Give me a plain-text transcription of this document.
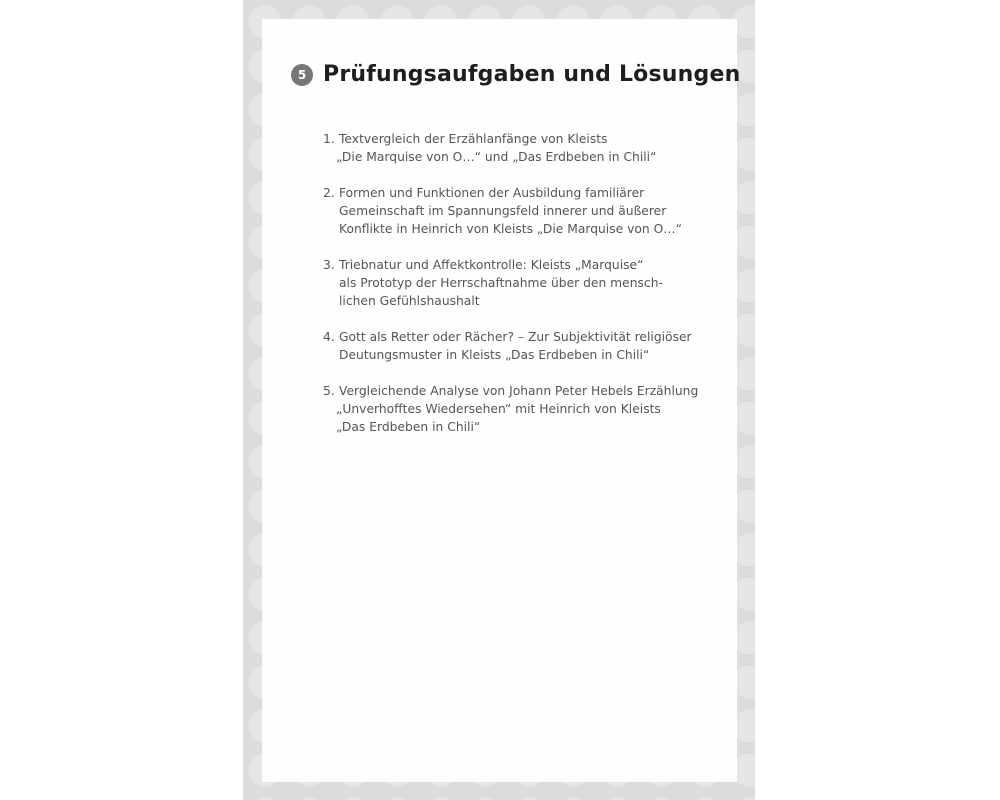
5 Prüfungsaufgaben und Lösungen
1. Textvergleich der Erzählanfänge von Kleists
„Die Marquise von O…“ und „Das Erdbeben in Chili“
2. Formen und Funktionen der Ausbildung familiärer
Gemeinschaft im Spannungsfeld innerer und äußerer
Konflikte in Heinrich von Kleists „Die Marquise von O…“
3. Triebnatur und Affektkontrolle: Kleists „Marquise“
als Prototyp der Herrschaftnahme über den mensch-
lichen Gefühlshaushalt
4. Gott als Retter oder Rächer? – Zur Subjektivität religiöser
Deutungsmuster in Kleists „Das Erdbeben in Chili“
5. Vergleichende Analyse von Johann Peter Hebels Erzählung
„Unverhofftes Wiedersehen“ mit Heinrich von Kleists
„Das Erdbeben in Chili“
